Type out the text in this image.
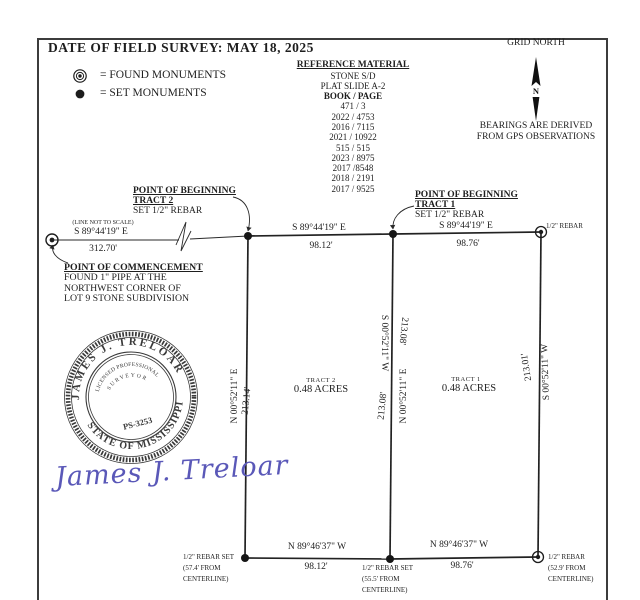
N
JAMES J. TRELOAR
STATE OF MISSISSIPPI
LICENSED PROFESSIONAL
SURVEYOR
PS-3253
DATE OF FIELD SURVEY: MAY 18, 2025
= FOUND MONUMENTS
= SET MONUMENTS
REFERENCE MATERIAL
STONE S/D
PLAT SLIDE A-2
BOOK / PAGE
471 / 3
2022 / 4753
2016 / 7115
2021 / 10922
515 / 515
2023 / 8975
2017 /8548
2018 / 2191
2017 / 9525
GRID NORTH
BEARINGS ARE DERIVED
FROM GPS OBSERVATIONS
POINT OF BEGINNING
TRACT 2
SET 1/2" REBAR
POINT OF BEGINNING
TRACT 1
SET 1/2" REBAR
POINT OF COMMENCEMENT
FOUND 1" PIPE AT THE
NORTHWEST CORNER OF
LOT 9 STONE SUBDIVISION
(LINE NOT TO SCALE)
S 89°44'19" E
312.70'
S 89°44'19" E
98.12'
S 89°44'19" E
98.76'
1/2" REBAR
N 00°52'11" E 213.14'
S 00°52'11" W 213.08'
N 00°52'11" E
213.08'
S 00°52'11" W
213.01'
TRACT 2
0.48 ACRES
TRACT 1
0.48 ACRES
N 89°46'37" W
98.12'
N 89°46'37" W
98.76'
1/2" REBAR SET
(57.4' FROM
CENTERLINE)
1/2" REBAR SET
(55.5' FROM
CENTERLINE)
1/2" REBAR
(52.9' FROM
CENTERLINE)
James J. Treloar
